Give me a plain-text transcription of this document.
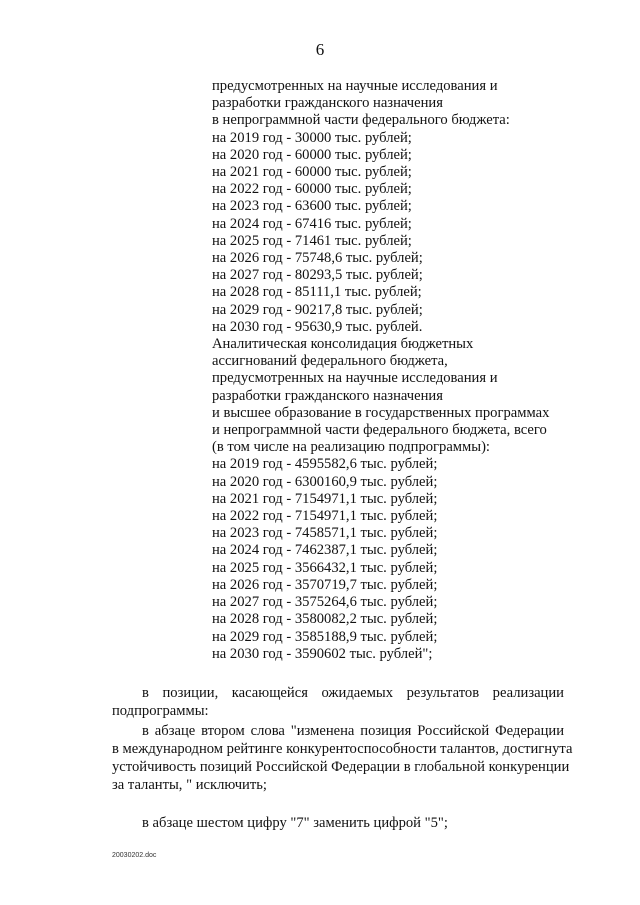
6
предусмотренных на научные исследования и
разработки гражданского назначения
в непрограммной части федерального бюджета:
на 2019 год - 30000 тыс. рублей;
на 2020 год - 60000 тыс. рублей;
на 2021 год - 60000 тыс. рублей;
на 2022 год - 60000 тыс. рублей;
на 2023 год - 63600 тыс. рублей;
на 2024 год - 67416 тыс. рублей;
на 2025 год - 71461 тыс. рублей;
на 2026 год - 75748,6 тыс. рублей;
на 2027 год - 80293,5 тыс. рублей;
на 2028 год - 85111,1 тыс. рублей;
на 2029 год - 90217,8 тыс. рублей;
на 2030 год - 95630,9 тыс. рублей.
Аналитическая консолидация бюджетных
ассигнований федерального бюджета,
предусмотренных на научные исследования и
разработки гражданского назначения
и высшее образование в государственных программах
и непрограммной части федерального бюджета, всего
(в том числе на реализацию подпрограммы):
на 2019 год - 4595582,6 тыс. рублей;
на 2020 год - 6300160,9 тыс. рублей;
на 2021 год - 7154971,1 тыс. рублей;
на 2022 год - 7154971,1 тыс. рублей;
на 2023 год - 7458571,1 тыс. рублей;
на 2024 год - 7462387,1 тыс. рублей;
на 2025 год - 3566432,1 тыс. рублей;
на 2026 год - 3570719,7 тыс. рублей;
на 2027 год - 3575264,6 тыс. рублей;
на 2028 год - 3580082,2 тыс. рублей;
на 2029 год - 3585188,9 тыс. рублей;
на 2030 год - 3590602 тыс. рублей";
в позиции, касающейся ожидаемых результатов реализации
подпрограммы:
в абзаце втором слова "изменена позиция Российской Федерации
в международном рейтинге конкурентоспособности талантов, достигнута
устойчивость позиций Российской Федерации в глобальной конкуренции
за таланты, " исключить;
в абзаце шестом цифру "7" заменить цифрой "5";
20030202.doc
